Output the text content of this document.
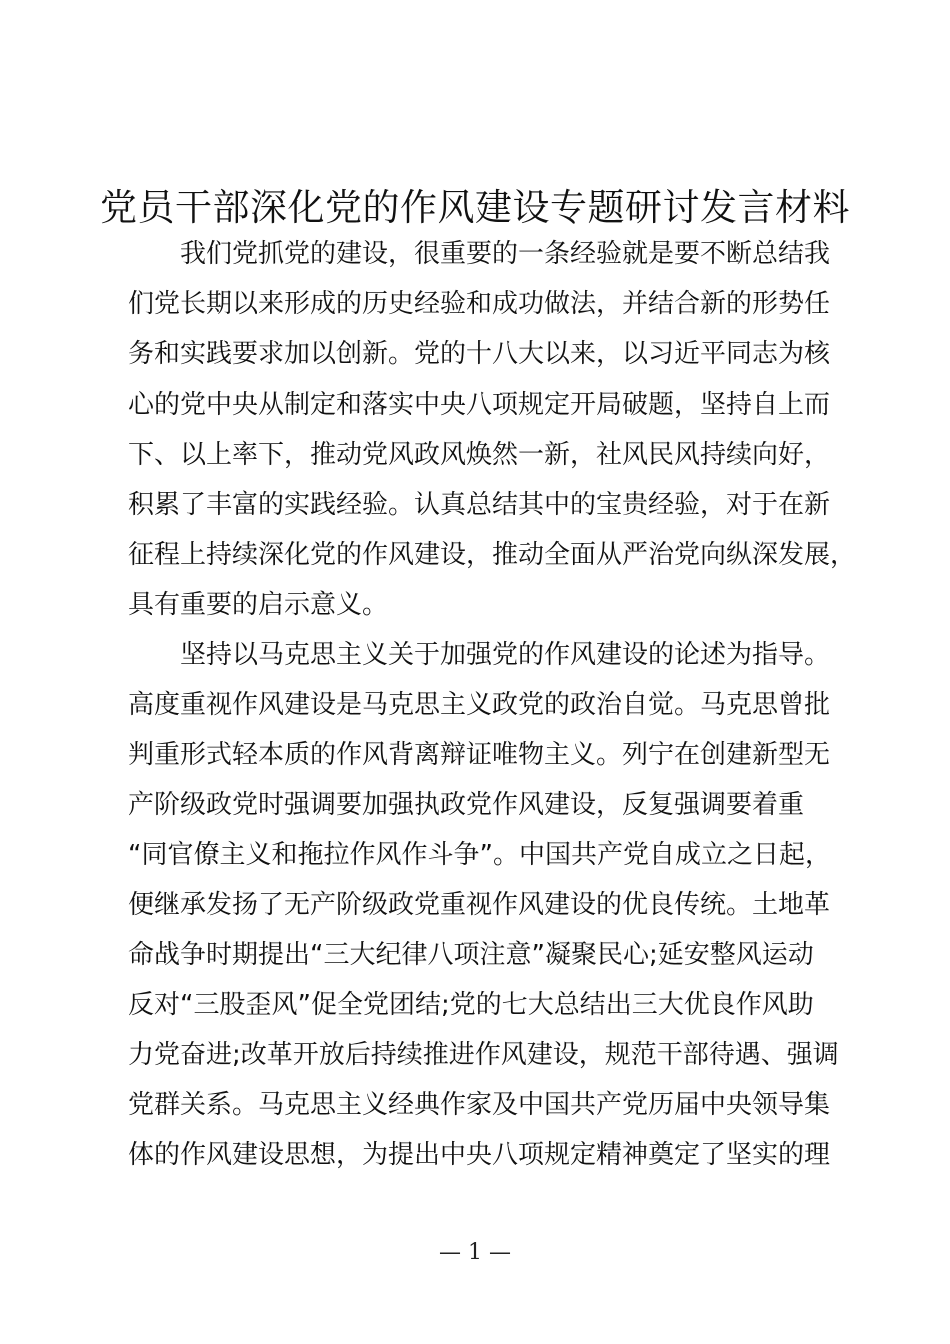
党员干部深化党的作风建设专题研讨发言材料
我们党抓党的建设，很重要的一条经验就是要不断总结我
们党长期以来形成的历史经验和成功做法，并结合新的形势任
务和实践要求加以创新。党的十八大以来，以习近平同志为核
心的党中央从制定和落实中央八项规定开局破题，坚持自上而
下、以上率下，推动党风政风焕然一新，社风民风持续向好，
积累了丰富的实践经验。认真总结其中的宝贵经验，对于在新
征程上持续深化党的作风建设，推动全面从严治党向纵深发展，
具有重要的启示意义。
坚持以马克思主义关于加强党的作风建设的论述为指导。
高度重视作风建设是马克思主义政党的政治自觉。马克思曾批
判重形式轻本质的作风背离辩证唯物主义。列宁在创建新型无
产阶级政党时强调要加强执政党作风建设，反复强调要着重
“同官僚主义和拖拉作风作斗争”。中国共产党自成立之日起，
便继承发扬了无产阶级政党重视作风建设的优良传统。土地革
命战争时期提出“三大纪律八项注意”凝聚民心;延安整风运动
反对“三股歪风”促全党团结;党的七大总结出三大优良作风助
力党奋进;改革开放后持续推进作风建设，规范干部待遇、强调
党群关系。马克思主义经典作家及中国共产党历届中央领导集
体的作风建设思想，为提出中央八项规定精神奠定了坚实的理
— 1 —
